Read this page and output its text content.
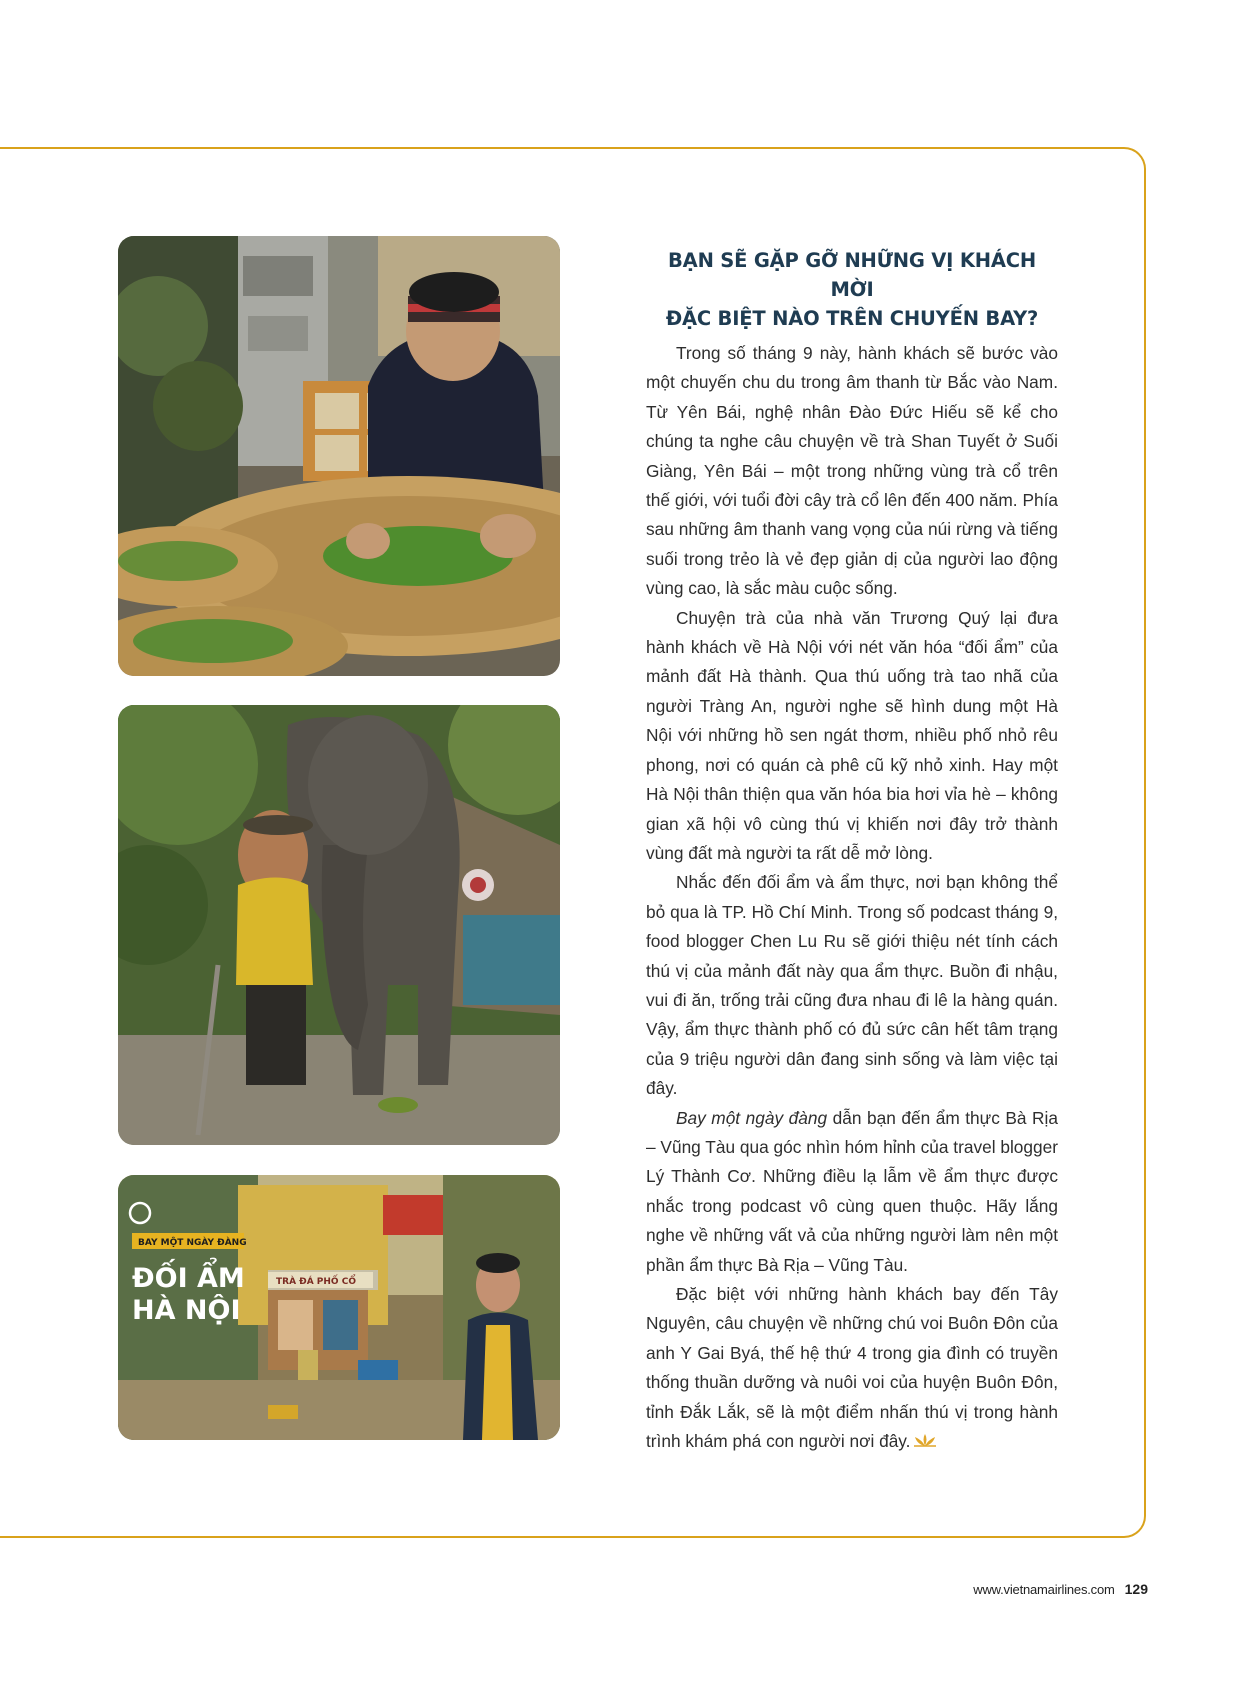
BAY MỘT NGÀY ĐÀNG
ĐỐI ẨM
HÀ NỘI
TRÀ ĐÁ PHỐ CỔ
BẠN SẼ GẶP GỠ NHỮNG VỊ KHÁCH MỜI
ĐẶC BIỆT NÀO TRÊN CHUYẾN BAY?

Trong số tháng 9 này, hành khách sẽ bước vào một chuyến chu du trong âm thanh từ Bắc vào Nam. Từ Yên Bái, nghệ nhân Đào Đức Hiếu sẽ kể cho chúng ta nghe câu chuyện về trà Shan Tuyết ở Suối Giàng, Yên Bái – một trong những vùng trà cổ trên thế giới, với tuổi đời cây trà cổ lên đến 400 năm. Phía sau những âm thanh vang vọng của núi rừng và tiếng suối trong trẻo là vẻ đẹp giản dị của người lao động vùng cao, là sắc màu cuộc sống.

Chuyện trà của nhà văn Trương Quý lại đưa hành khách về Hà Nội với nét văn hóa “đối ẩm” của mảnh đất Hà thành. Qua thú uống trà tao nhã của người Tràng An, người nghe sẽ hình dung một Hà Nội với những hồ sen ngát thơm, nhiều phố nhỏ rêu phong, nơi có quán cà phê cũ kỹ nhỏ xinh. Hay một Hà Nội thân thiện qua văn hóa bia hơi vỉa hè – không gian xã hội vô cùng thú vị khiến nơi đây trở thành vùng đất mà người ta rất dễ mở lòng.

Nhắc đến đối ẩm và ẩm thực, nơi bạn không thể bỏ qua là TP. Hồ Chí Minh. Trong số podcast tháng 9, food blogger Chen Lu Ru sẽ giới thiệu nét tính cách thú vị của mảnh đất này qua ẩm thực. Buồn đi nhậu, vui đi ăn, trống trải cũng đưa nhau đi lê la hàng quán. Vậy, ẩm thực thành phố có đủ sức cân hết tâm trạng của 9 triệu người dân đang sinh sống và làm việc tại đây.

Bay một ngày đàng dẫn bạn đến ẩm thực Bà Rịa – Vũng Tàu qua góc nhìn hóm hỉnh của travel blogger Lý Thành Cơ. Những điều lạ lẫm về ẩm thực được nhắc trong podcast vô cùng quen thuộc. Hãy lắng nghe về những vất vả của những người làm nên một phần ẩm thực Bà Rịa – Vũng Tàu.

Đặc biệt với những hành khách bay đến Tây Nguyên, câu chuyện về những chú voi Buôn Đôn của anh Y Gai Byá, thế hệ thứ 4 trong gia đình có truyền thống thuần dưỡng và nuôi voi của huyện Buôn Đôn, tỉnh Đắk Lắk, sẽ là một điểm nhấn thú vị trong hành trình khám phá con người nơi đây.

www.vietnamairlines.com 129
